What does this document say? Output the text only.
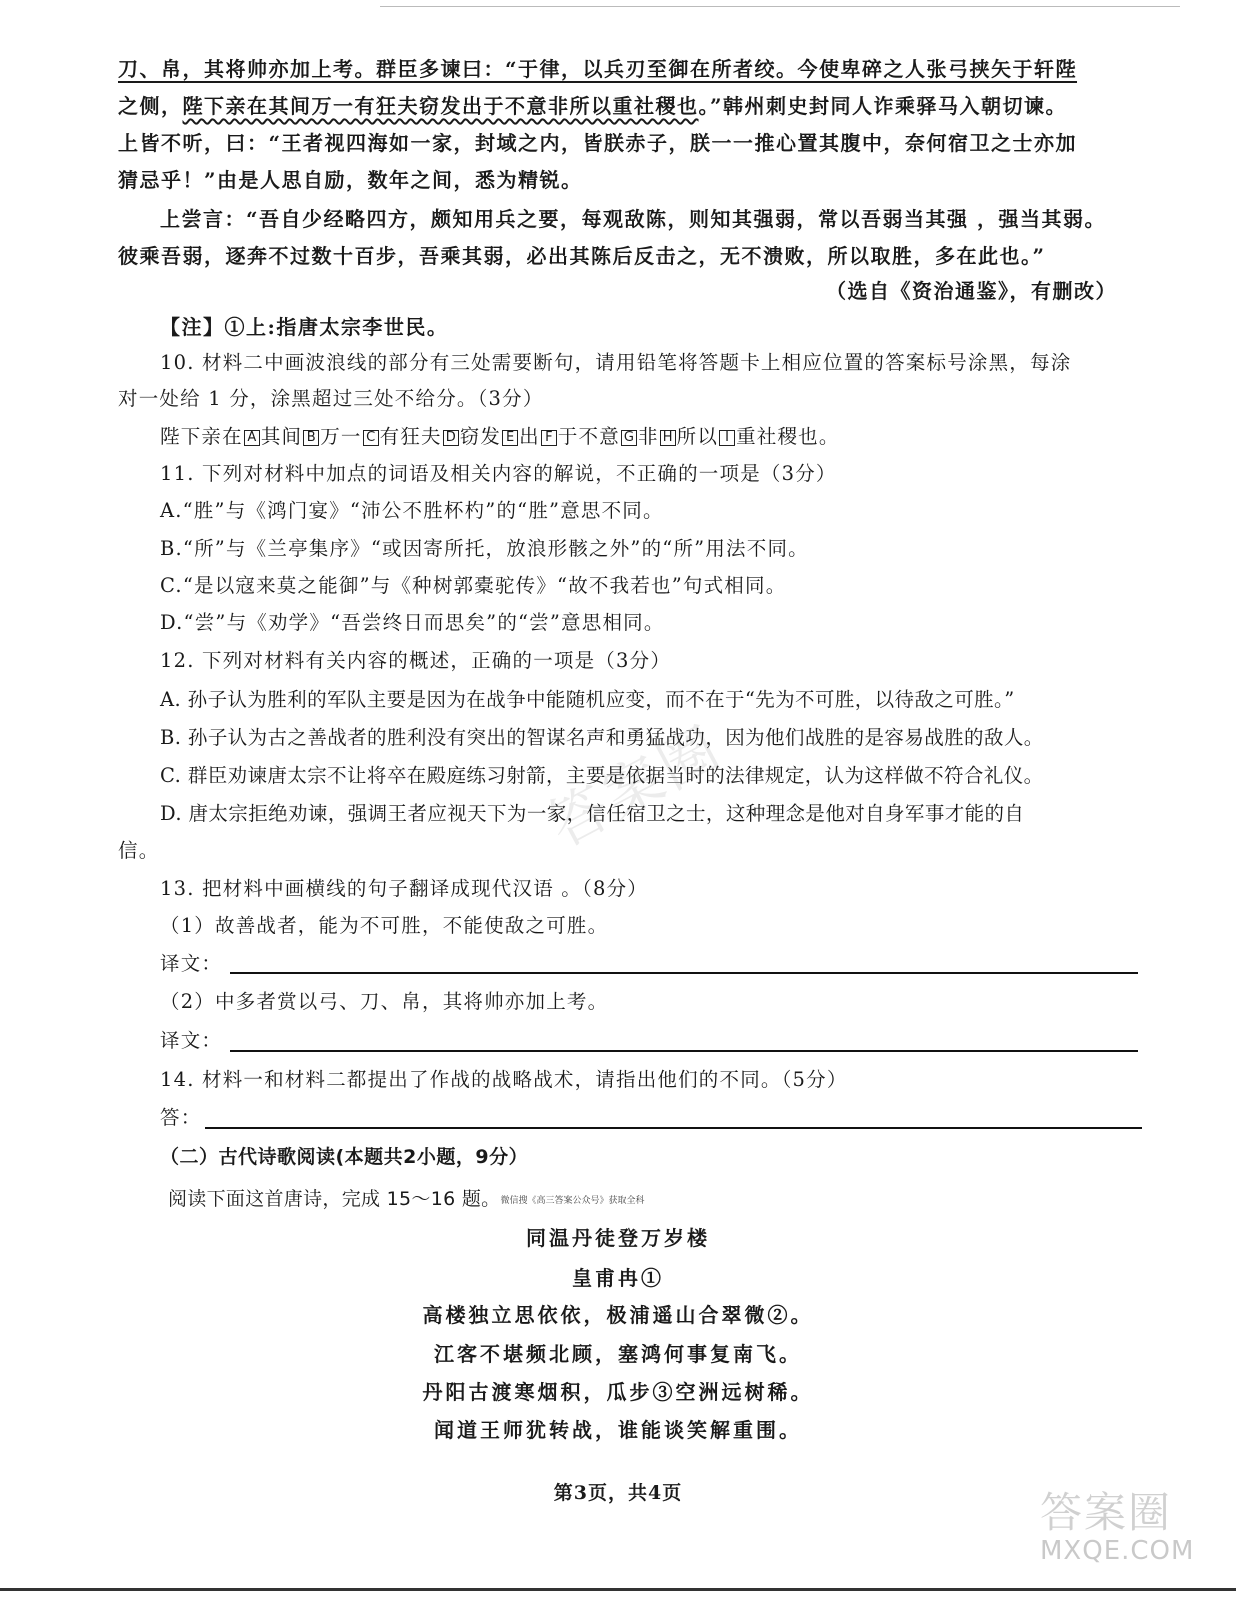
刀、帛，其将帅亦加上考。群臣多谏曰：“于律，以兵刃至御在所者绞。今使卑碎之人张弓挟矢于轩陛
之侧，陛下亲在其间万一有狂夫窃发出于不意非所以重社稷也。”韩州刺史封同人诈乘驿马入朝切谏。
上皆不听，曰：“王者视四海如一家，封域之内，皆朕赤子，朕一一推心置其腹中，奈何宿卫之士亦加
猜忌乎！”由是人思自励，数年之间，悉为精锐。
上尝言：“吾自少经略四方，颇知用兵之要，每观敌陈，则知其强弱，常以吾弱当其强 ，强当其弱。
彼乘吾弱，逐奔不过数十百步，吾乘其弱，必出其陈后反击之，无不溃败，所以取胜，多在此也。”
（选自《资治通鉴》，有删改）
【注】①上:指唐太宗李世民。
10. 材料二中画波浪线的部分有三处需要断句，请用铅笔将答题卡上相应位置的答案标号涂黑，每涂
对一处给 1 分，涂黑超过三处不给分。（3分）
陛下亲在 A 其间 B 万一 C 有狂夫 D 窃发 E 出 F 于不意 G 非 H 所以 I 重社稷也。
11. 下列对材料中加点的词语及相关内容的解说，不正确的一项是（3分）
A.“胜”与《鸿门宴》“沛公不胜杯杓”的“胜”意思不同。
B.“所”与《兰亭集序》“或因寄所托，放浪形骸之外”的“所”用法不同。
C.“是以寇来莫之能御”与《种树郭橐驼传》“故不我若也”句式相同。
D.“尝”与《劝学》“吾尝终日而思矣”的“尝”意思相同。
12. 下列对材料有关内容的概述，正确的一项是（3分）
A. 孙子认为胜利的军队主要是因为在战争中能随机应变，而不在于“先为不可胜，以待敌之可胜。”
B. 孙子认为古之善战者的胜利没有突出的智谋名声和勇猛战功，因为他们战胜的是容易战胜的敌人。
C. 群臣劝谏唐太宗不让将卒在殿庭练习射箭，主要是依据当时的法律规定，认为这样做不符合礼仪。
D. 唐太宗拒绝劝谏，强调王者应视天下为一家，信任宿卫之士，这种理念是他对自身军事才能的自
信。	答案圈
13. 把材料中画横线的句子翻译成现代汉语 。（8分）
（1）故善战者，能为不可胜，不能使敌之可胜。
译文：
（2）中多者赏以弓、刀、帛，其将帅亦加上考。
译文：
14. 材料一和材料二都提出了作战的战略战术，请指出他们的不同。（5分）
答：
（二）古代诗歌阅读(本题共2小题，9分）
阅读下面这首唐诗，完成 15～16 题。微信搜《高三答案公众号》获取全科
同温丹徒登万岁楼
皇甫冉①
高楼独立思依依，极浦遥山合翠微②。
江客不堪频北顾，塞鸿何事复南飞。
丹阳古渡寒烟积，瓜步③空洲远树稀。
闻道王师犹转战，谁能谈笑解重围。
第3页，共4页	答案圈
MXQE.COM
